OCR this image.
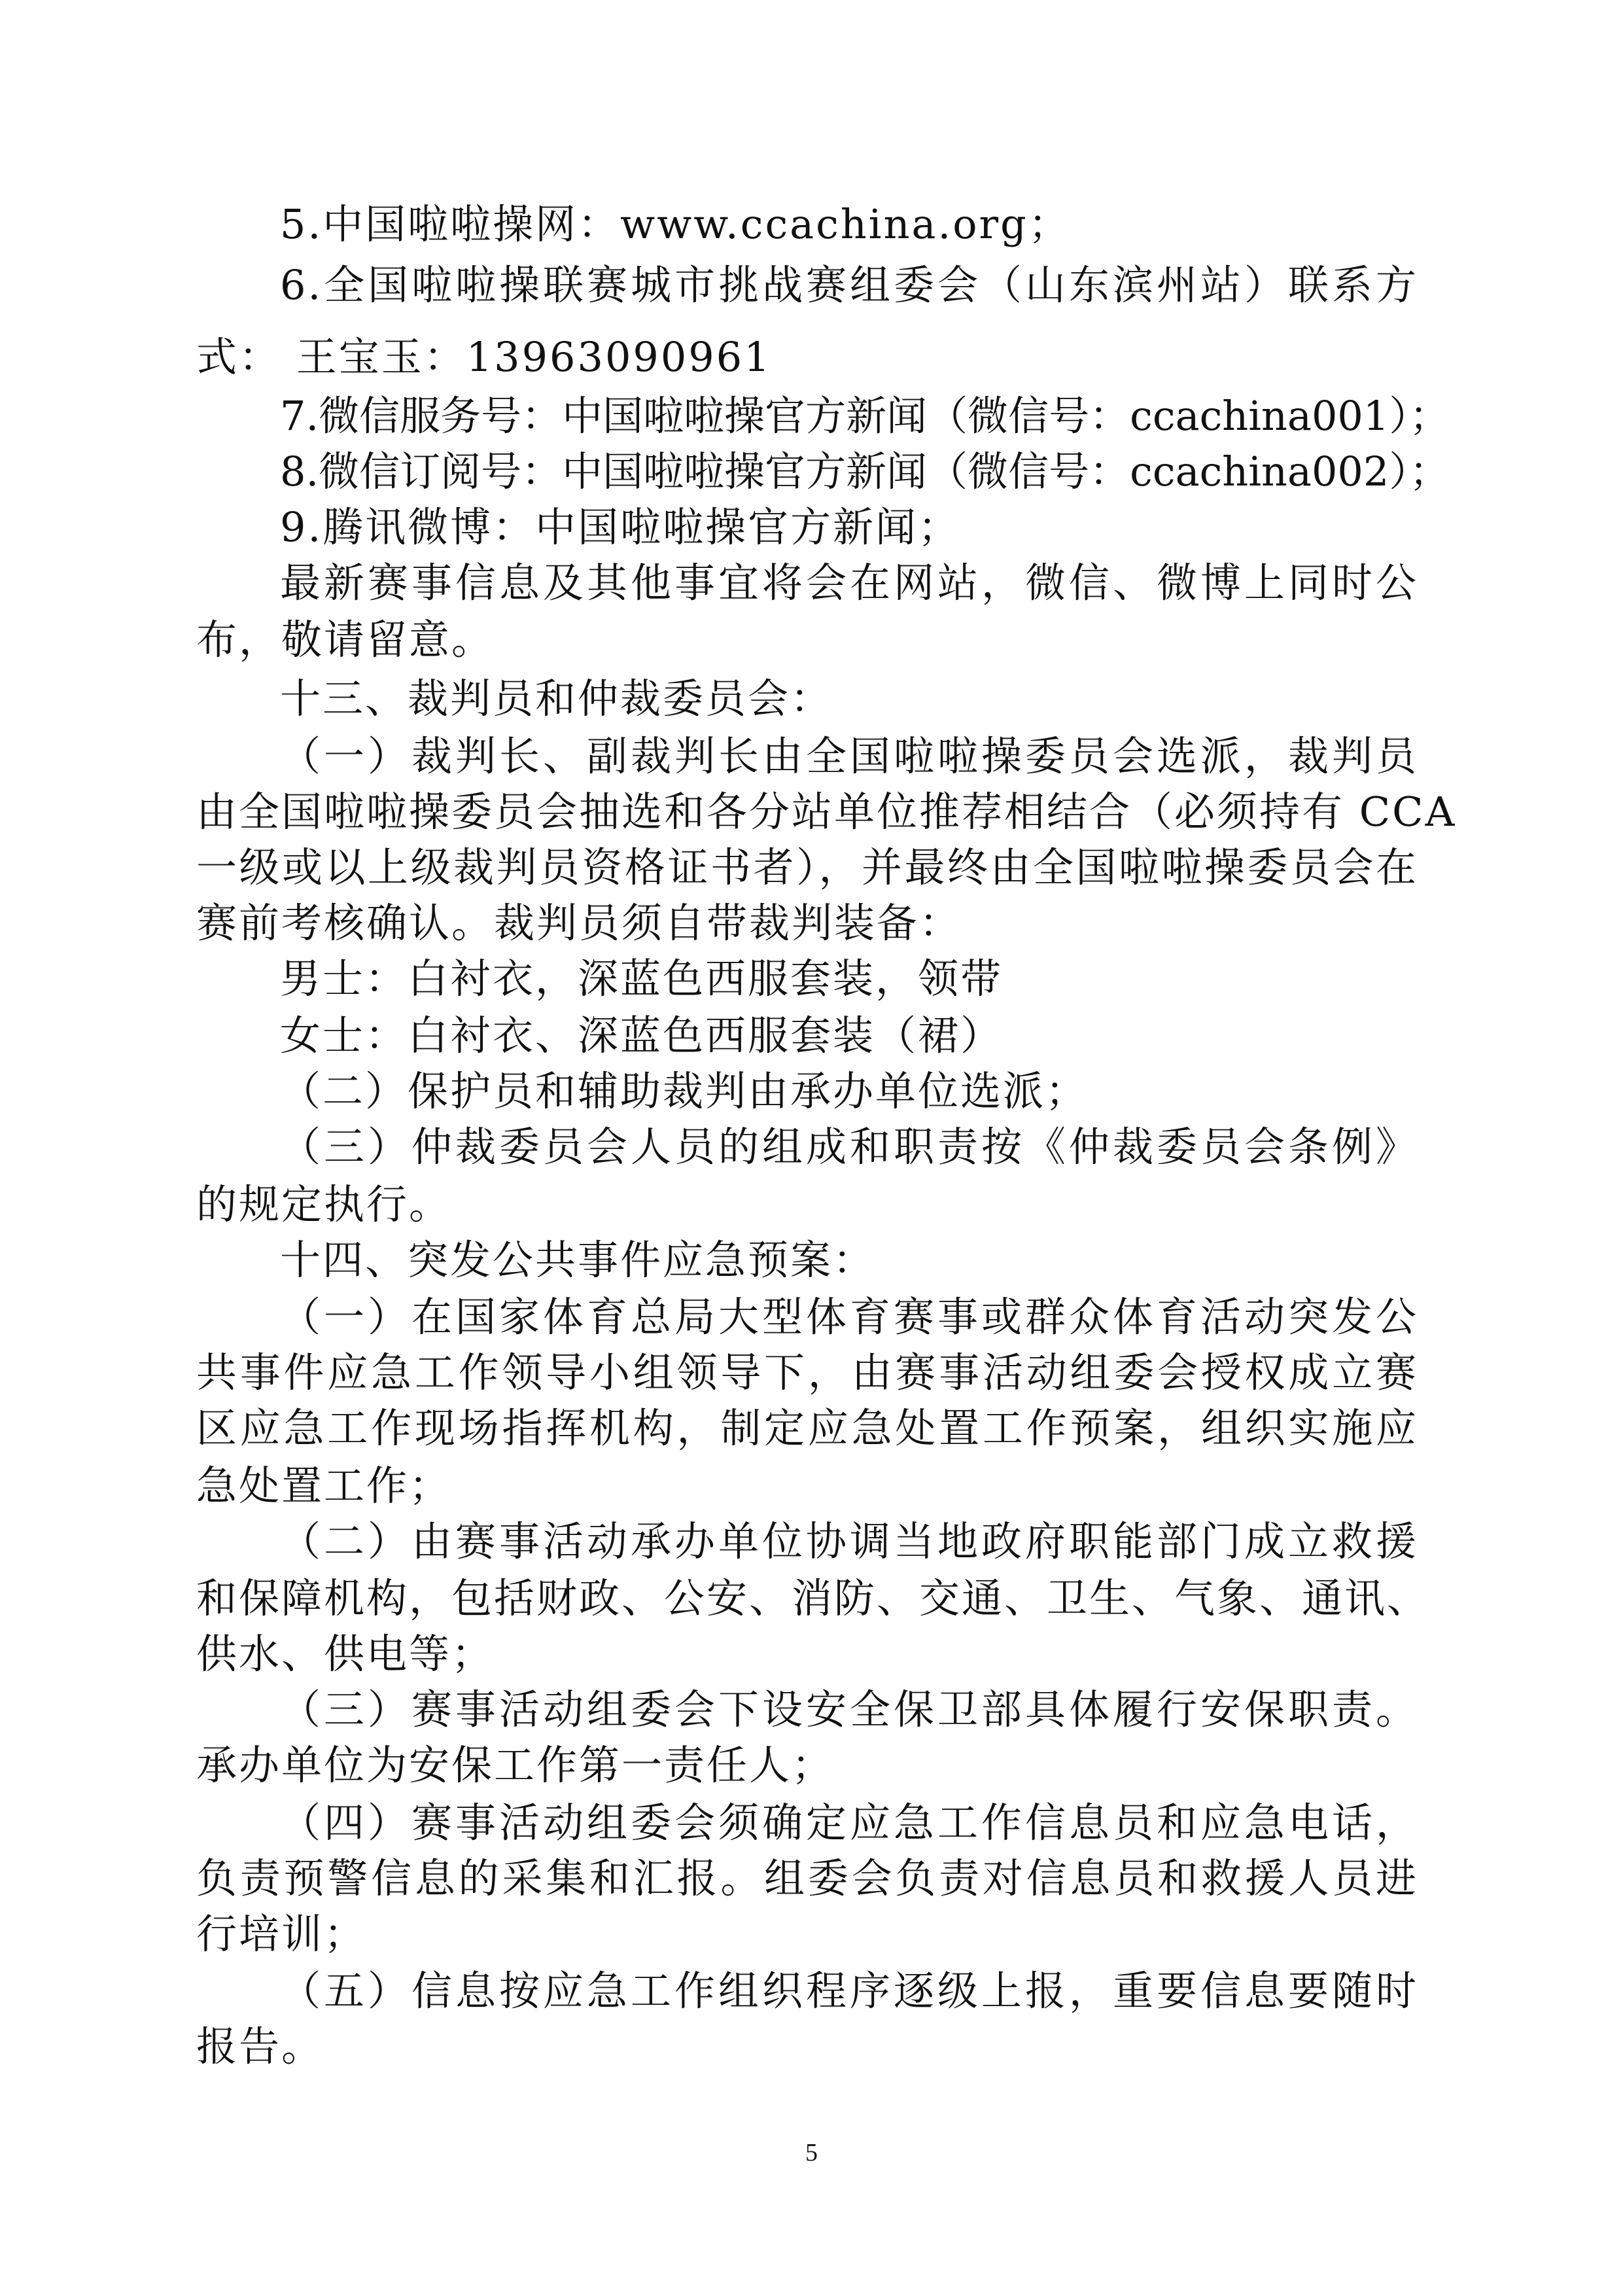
5.中国啦啦操网：www.ccachina.org；
6.全国啦啦操联赛城市挑战赛组委会（山东滨州站）联系方
式： 王宝玉：13963090961
7.微信服务号：中国啦啦操官方新闻（微信号：ccachina001）；
8.微信订阅号：中国啦啦操官方新闻（微信号：ccachina002）；
9.腾讯微博：中国啦啦操官方新闻；
最新赛事信息及其他事宜将会在网站，微信、微博上同时公
布，敬请留意。
十三、裁判员和仲裁委员会：
（一）裁判长、副裁判长由全国啦啦操委员会选派，裁判员
由全国啦啦操委员会抽选和各分站单位推荐相结合（必须持有 CCA
一级或以上级裁判员资格证书者），并最终由全国啦啦操委员会在
赛前考核确认。裁判员须自带裁判装备：
男士：白衬衣，深蓝色西服套装，领带
女士：白衬衣、深蓝色西服套装（裙）
（二）保护员和辅助裁判由承办单位选派；
（三）仲裁委员会人员的组成和职责按《仲裁委员会条例》
的规定执行。
十四、突发公共事件应急预案：
（一）在国家体育总局大型体育赛事或群众体育活动突发公
共事件应急工作领导小组领导下，由赛事活动组委会授权成立赛
区应急工作现场指挥机构，制定应急处置工作预案，组织实施应
急处置工作；
（二）由赛事活动承办单位协调当地政府职能部门成立救援
和保障机构，包括财政、公安、消防、交通、卫生、气象、通讯、
供水、供电等；
（三）赛事活动组委会下设安全保卫部具体履行安保职责。
承办单位为安保工作第一责任人；
（四）赛事活动组委会须确定应急工作信息员和应急电话，
负责预警信息的采集和汇报。组委会负责对信息员和救援人员进
行培训；
（五）信息按应急工作组织程序逐级上报，重要信息要随时
报告。
5
